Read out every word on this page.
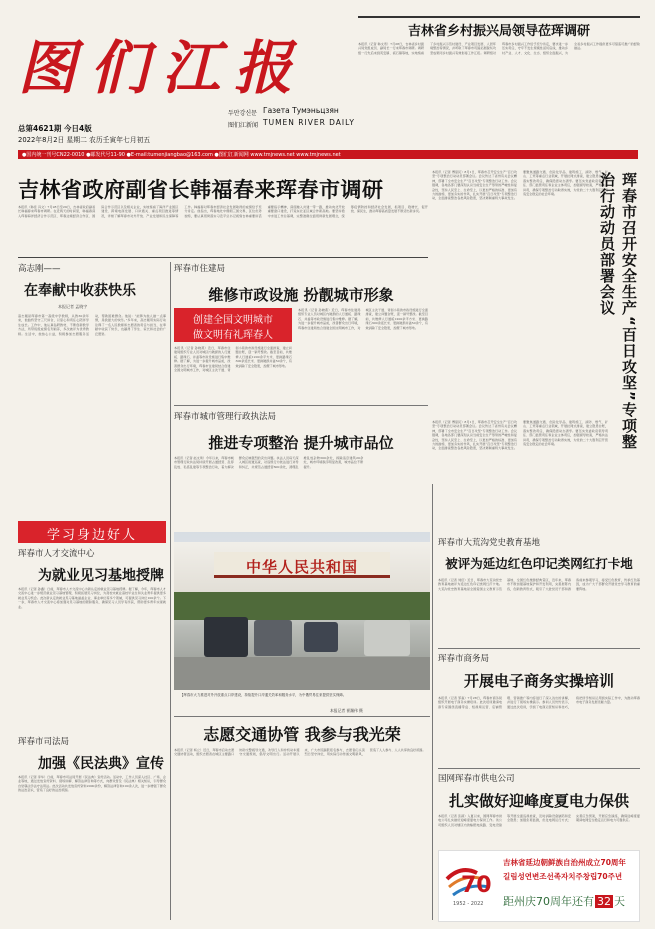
图们江报
总第4621期 今日4版
2022年8月2日 星期二 农历壬寅年七月初五
두만강신문 Газета Тумэньцзян
图们江新闻 TUMEN RIVER DAILY
吉林省乡村振兴局领导莅珲调研
本报讯（记者 韩文奇）7月28日，吉林省乡村振兴局党组成员、副局长一行来珲春市调研。调研组一行先后来到英安镇、板石镇等地，实地察看了乡村振兴示范村建设、产业项目发展、人居环境整治等情况，并听取了珲春市巩固拓展脱贫攻坚成果同乡村振兴有效衔接工作汇报。调研组对珲春市乡村振兴工作给予充分肯定，要求进一步压实责任，守牢不发生规模性返贫底线，推动乡村产业、人才、文化、生态、组织全面振兴，为全省乡村振兴工作提供更多可借鉴可推广的经验做法。
●国内统一刊号CN22-0010 ●邮发代号11-90 ●E-mail:tumenjiangbao@163.com ●图们江新闻网 www.tmjnews.net www.tmjnews.net
吉林省政府副省长韩福春来珲春市调研
本报讯（韩佳 冯文）7月28日至29日，吉林省政府副省长韩福春来珲春市调研。在近两天的时间里，韩福春深入珲春海洋经济合作示范区、珲春边境经济合作区、国际合作示范区以及相关企业，实地察看了海洋产业园区建设、跨境电商发展、口岸通关、重点项目推进等情况，详细了解珲春市对外开放、产业发展和民生保障等工作。韩福春对珲春市经济社会发展取得的成绩给予充分肯定。他指出，珲春地处中俄朝三国交界，区位优势独特，要认真贯彻落实习近平总书记视察吉林重要讲话重要指示精神，深度融入共建一带一路，推动向北开放重要窗口建设，打造东北亚区域合作新高地。要坚持稳中求进工作总基调，完整准确全面贯彻新发展理念，统筹疫情防控和经济社会发展，抓项目、稳增长、促开放、保民生，推动珲春高质量发展不断迈出新步伐。
本报讯（记者 傅爱民）8月1日，珲春市召开安全生产“百日攻坚”专项整治行动动员部署会议。会议传达了省州有关会议精神，部署了全市安全生产“百日攻坚”专项整治行动工作。会议强调，各地各部门要深刻认识当前安全生产形势的严峻性和复杂性，坚持人民至上、生命至上，以更加严格的标准、更加有力的措施、更加务实的作风，扎实开展“百日攻坚”专项整治行动，全面排查整治各类风险隐患，坚决遏制重特大事故发生。要聚焦道路交通、危险化学品、建筑施工、消防、燃气、矿山、工贸等重点行业领域，开展拉网式排查，建立隐患台账，落实整改责任，确保隐患动态清零。要压实党委政府领导责任、部门监管责任和企业主体责任，加强督导检查，严格执法问责，确保专项整治行动取得实效，为党的二十大胜利召开营造安全稳定的社会环境。	珲春市召开安全生产“百日攻坚”专项整治行动动员部署会议
本报讯（记者 傅爱民）8月1日，珲春市召开安全生产“百日攻坚”专项整治行动动员部署会议。会议传达了省州有关会议精神，部署了全市安全生产“百日攻坚”专项整治行动工作。会议强调，各地各部门要深刻认识当前安全生产形势的严峻性和复杂性，坚持人民至上、生命至上，以更加严格的标准、更加有力的措施、更加务实的作风，扎实开展“百日攻坚”专项整治行动，全面排查整治各类风险隐患，坚决遏制重特大事故发生。要聚焦道路交通、危险化学品、建筑施工、消防、燃气、矿山、工贸等重点行业领域，开展拉网式排查，建立隐患台账，落实整改责任，确保隐患动态清零。要压实党委政府领导责任、部门监管责任和企业主体责任，加强督导检查，严格执法问责，确保专项整治行动取得实效，为党的二十大胜利召开营造安全稳定的社会环境。
高志刚——
在奉献中收获快乐
本报记者 孟晓宇
高志刚是珲春市第一高级中学教师，从教30余年来，他始终坚守三尺讲台，以爱心和责任心陪伴学生成长。工作中，他认真钻研教材，不断创新教学方法，所带班级成绩名列前茅，多次被评为优秀教师。生活中，他热心公益，积极参加志愿服务活动，帮助困难群众。他说：“能够为他人做一点事情，是我最大的快乐。”多年来，高志刚用实际行动诠释了一名人民教师和志愿者的责任与担当，在奉献中收获了快乐，也赢得了学生、家长和社会的广泛赞誉。
学习身边好人
珲春市人才交流中心
为就业见习基地授牌
本报讯（记者 孙鑫）日前，珲春市人才交流中心为新认定的就业见习基地授牌。据了解，今年，珲春市人才交流中心进一步规范就业见习基地管理，积极拓展见习岗位，为离校未就业高校毕业生和失业青年提供更多就业见习机会。此次新认定的就业见习基地涵盖企业、事业单位等多个领域，可提供见习岗位100余个。下一步，珲春市人才交流中心将加强对见习基地的跟踪服务，确保见习人员学有所获，帮助更多青年实现就业。
珲春市司法局
加强《民法典》宣传
本报讯（记者 李华）日前，珲春市司法局开展《民法典》宣传活动。活动中，工作人员深入社区、广场、企业等地，通过发放宣传资料、现场讲解、解答法律咨询等方式，向群众普及《民法典》相关知识，引导群众自觉尊法学法守法用法。此次活动共发放宣传资料2000余份，解答法律咨询100余人次，进一步增强了群众的法治意识，营造了良好的法治氛围。
珲春市住建局
维修市政设施 扮靓城市形象
创建全国文明城市
做文明有礼珲春人
本报讯（记者 孙晓燕）近日，珲春市住建局组织专业人员对城区内破损的人行道板、路缘石、井盖等市政设施进行集中维修。据了解，为进一步提升城市品质，改善群众出行环境，珲春市住建局结合创建全国文明城市工作，对城区主次干道、背街小巷的市政设施进行全面排查，建立问题台账，逐一销号整改。截至目前，共维修人行道板1200余平方米、更换路缘石300余延长米、更换破损井盖50余个，有效消除了安全隐患，扮靓了城市形象。
本报讯（记者 孙晓燕）近日，珲春市住建局组织专业人员对城区内破损的人行道板、路缘石、井盖等市政设施进行集中维修。据了解，为进一步提升城市品质，改善群众出行环境，珲春市住建局结合创建全国文明城市工作，对城区主次干道、背街小巷的市政设施进行全面排查，建立问题台账，逐一销号整改。截至目前，共维修人行道板1200余平方米、更换路缘石300余延长米、更换破损井盖50余个，有效消除了安全隐患，扮靓了城市形象。
珲春市城市管理行政执法局
推进专项整治 提升城市品位
本报讯（记者 赵文琦）今年以来，珲春市城市管理行政执法局持续开展占道经营、乱停乱放、私搭乱建等专项整治行动，着力解决群众反映强烈的突出问题。执法人员每天深入城区街道巡查，对违规行为依法进行劝导和纠正，共规范占道经营600余处，清理乱堆乱放杂物300余处，拆除违章建筑20余处，城市环境秩序明显改善，城市品位不断提升。
中华人民共和国
【珲春市大力推进对外开放重点口岸建设，持续提升口岸通关效率和服务水平，为中俄贸易往来提供坚实保障。
本报记者 崔瀚伟 摄
志愿交通协管 我参与我光荣
本报讯（记者 杨立）近日，珲春市启动志愿交通协管活动，组织志愿者在城区主要路口协助交警疏导交通，劝导行人和非机动车遵守交通规则，倡导文明出行。活动开展以来，广大市民踊跃报名参与，志愿者们头顶烈日坚守岗位，用实际行动传递文明新风，营造了人人参与、人人共享的良好氛围。
珲春市大荒沟党史教育基地
被评为延边红色印记类网红打卡地
本报讯（记者 刘佳）近日，珲春市大荒沟党史教育基地被评为延边红色印记类网红打卡地。大荒沟党史教育基地是全国爱国主义教育示范基地、全国红色旅游经典景区，近年来，珲春市不断加强基地保护和开发利用，完善展陈内容，创新教育形式，吸引了大批党员干部和游客前来参观学习，接受红色教育，传承红色基因，成为广大干部群众开展党史学习教育的重要阵地。
珲春市商务局
开展电子商务实操培训
本报讯（记者 邹淼）7月28日，珲春市商务局组织开展电子商务实操培训。此次培训邀请电商专家围绕直播带货、短视频运营、店铺管理、营销推广等内容进行了深入浅出的讲解，并进行了现场实操演示。参训人员纷纷表示，通过此次培训，学到了电商运营知识和技巧，将把所学知识运用到实际工作中，为推动珲春市电子商务发展贡献力量。
国网珲春市供电公司
扎实做好迎峰度夏电力保供
本报讯（记者 张颖）入夏以来，国网珲春市供电公司扎实做好迎峰度夏电力保供工作。该公司组织人员对辖区内的输配电线路、变电设备等开展全面巡视检查，及时消除设备缺陷和安全隐患；加强负荷监测，优化电网运行方式；完善应急预案，开展应急演练，确保迎峰度夏期间电网安全稳定运行和电力可靠供应。
70
1952 - 2022
吉林省延边朝鲜族自治州成立70周年
길림성연변조선족자치주창립70주년
距州庆70周年还有 32 天
